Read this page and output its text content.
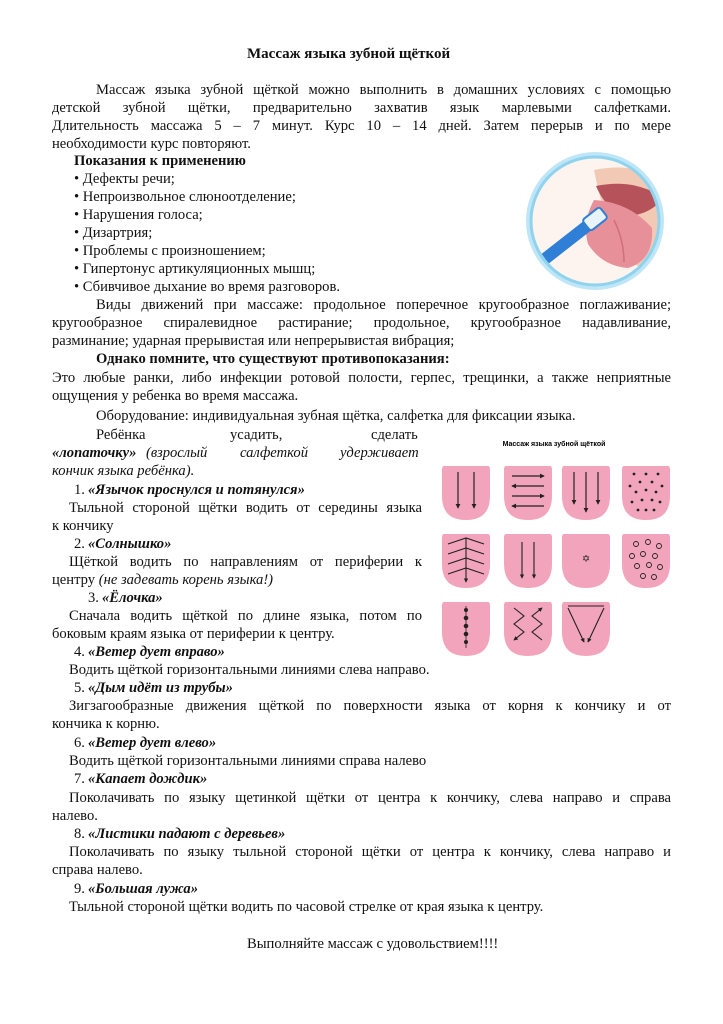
Массаж языка зубной щёткой
Массаж языка зубной щёткой можно выполнить в домашних условиях с помощью
детской зубной щётки, предварительно захватив язык марлевыми салфетками.
Длительность массажа 5 – 7 минут. Курс 10 – 14 дней. Затем перерыв и по мере
необходимости курс повторяют.
Показания к применению
• Дефекты речи;
• Непроизвольное слюноотделение;
• Нарушения голоса;
• Дизартрия;
• Проблемы с произношением;
• Гипертонус артикуляционных мышц;
• Сбивчивое дыхание во время разговоров.
Виды движений при массаже: продольное поперечное кругообразное поглаживание;
кругообразное спиралевидное растирание; продольное, кругообразное надавливание,
разминание; ударная прерывистая или непрерывистая вибрация;
Однако помните, что существуют противопоказания:
Это любые ранки, либо инфекции ротовой полости, герпес, трещинки, а также неприятные
ощущения у ребенка во время массажа.
Оборудование: индивидуальная зубная щётка, салфетка для фиксации языка.
Ребёнка	усадить,	сделать
«лопаточку» (взрослый салфеткой удерживает
кончик языка ребёнка).
1. «Язычок проснулся и потянулся»
Тыльной стороной щётки водить от середины языка
к кончику
2. «Солнышко»
Щёткой водить по направлениям от периферии к
центру (не задевать корень языка!)
3. «Ёлочка»
Сначала водить щёткой по длине языка, потом по
боковым краям языка от периферии к центру.
4. «Ветер дует вправо»
Водить щёткой горизонтальными линиями слева направо.
5. «Дым идёт из трубы»
Зигзагообразные движения щёткой по поверхности языка от корня к кончику и от
кончика к корню.
6. «Ветер дует влево»
Водить щёткой горизонтальными линиями справа налево
7. «Капает дождик»
Поколачивать по языку щетинкой щётки от центра к кончику, слева направо и справа
налево.
8. «Листики падают с деревьев»
Поколачивать по языку тыльной стороной щётки от центра к кончику, слева направо и
справа налево.
9. «Большая лужа»
Тыльной стороной щётки водить по часовой стрелке от края языка к центру.
Выполняйте массаж с удовольствием!!!!
Массаж языка зубной щёткой
✡
